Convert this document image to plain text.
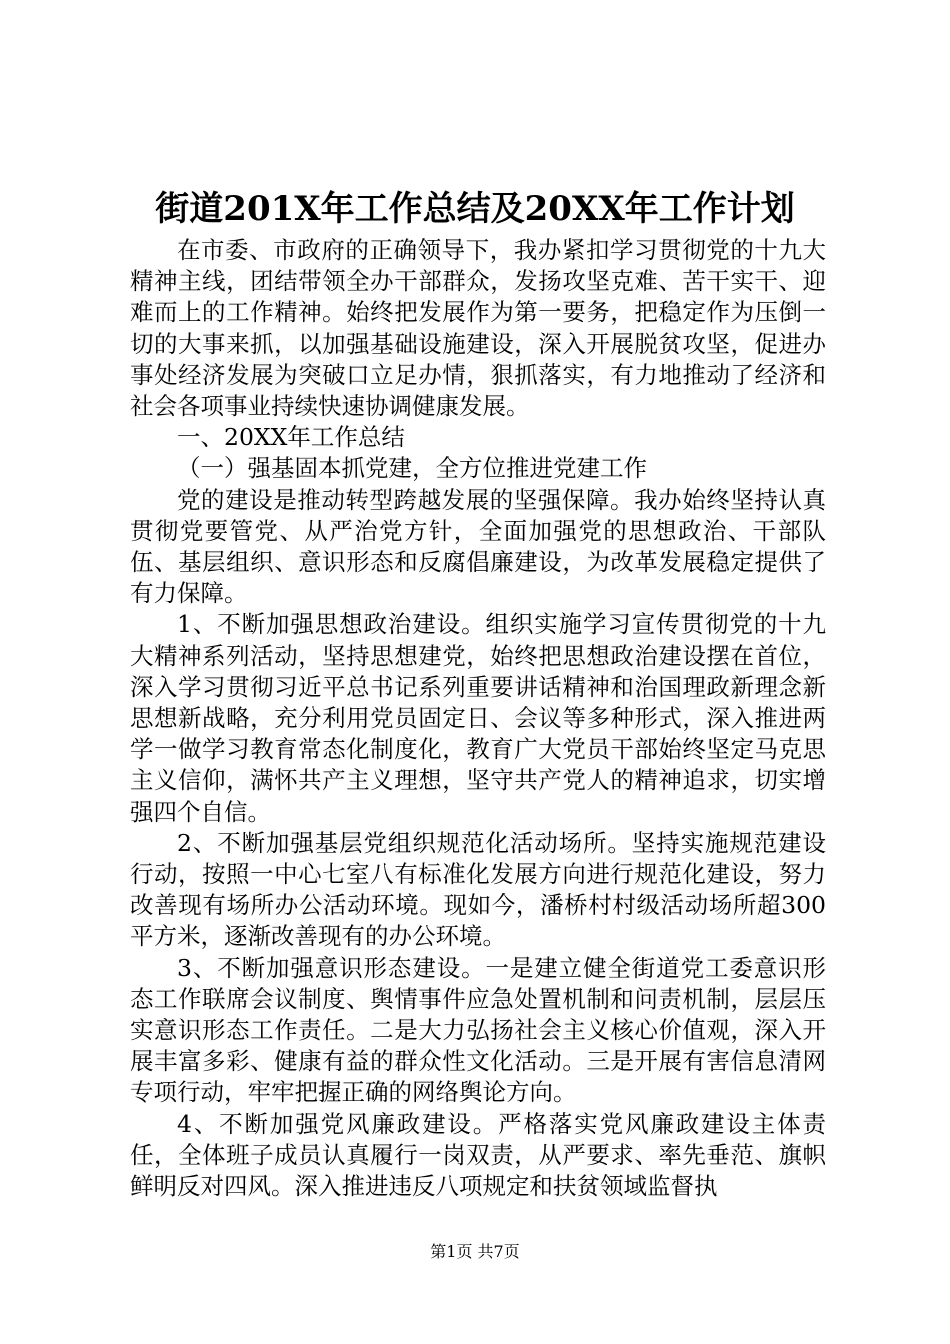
街道201X年工作总结及20XX年工作计划

在市委、市政府的正确领导下，我办紧扣学习贯彻党的十九大精神主线，团结带领全办干部群众，发扬攻坚克难、苦干实干、迎难而上的工作精神。始终把发展作为第一要务，把稳定作为压倒一切的大事来抓，以加强基础设施建设，深入开展脱贫攻坚，促进办事处经济发展为突破口立足办情，狠抓落实，有力地推动了经济和社会各项事业持续快速协调健康发展。

一、20XX年工作总结

（一）强基固本抓党建，全方位推进党建工作

党的建设是推动转型跨越发展的坚强保障。我办始终坚持认真贯彻党要管党、从严治党方针，全面加强党的思想政治、干部队伍、基层组织、意识形态和反腐倡廉建设，为改革发展稳定提供了有力保障。

1、不断加强思想政治建设。组织实施学习宣传贯彻党的十九大精神系列活动，坚持思想建党，始终把思想政治建设摆在首位，深入学习贯彻习近平总书记系列重要讲话精神和治国理政新理念新思想新战略，充分利用党员固定日、会议等多种形式，深入推进两学一做学习教育常态化制度化，教育广大党员干部始终坚定马克思主义信仰，满怀共产主义理想，坚守共产党人的精神追求，切实增强四个自信。

2、不断加强基层党组织规范化活动场所。坚持实施规范建设行动，按照一中心七室八有标准化发展方向进行规范化建设，努力改善现有场所办公活动环境。现如今，潘桥村村级活动场所超300平方米，逐渐改善现有的办公环境。

3、不断加强意识形态建设。一是建立健全街道党工委意识形态工作联席会议制度、舆情事件应急处置机制和问责机制，层层压实意识形态工作责任。二是大力弘扬社会主义核心价值观，深入开展丰富多彩、健康有益的群众性文化活动。三是开展有害信息清网专项行动，牢牢把握正确的网络舆论方向。

4、不断加强党风廉政建设。严格落实党风廉政建设主体责任，全体班子成员认真履行一岗双责，从严要求、率先垂范、旗帜鲜明反对四风。深入推进违反八项规定和扶贫领域监督执

第1页 共7页
